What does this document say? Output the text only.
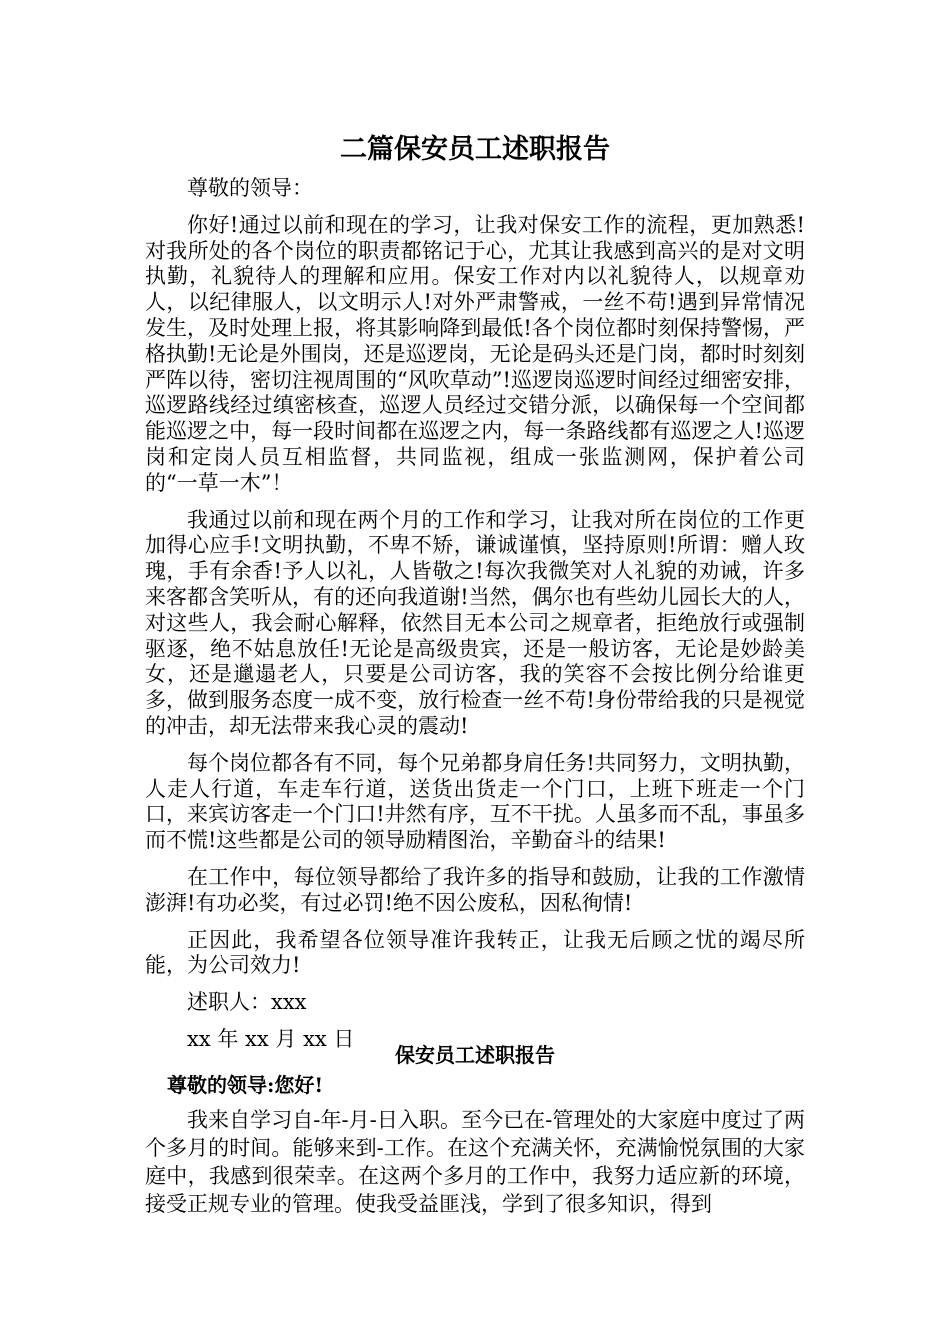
二篇保安员工述职报告
尊敬的领导：

你好!通过以前和现在的学习，让我对保安工作的流程，更加熟悉!对我所处的各个岗位的职责都铭记于心，尤其让我感到高兴的是对文明执勤，礼貌待人的理解和应用。保安工作对内以礼貌待人，以规章劝人，以纪律服人，以文明示人!对外严肃警戒，一丝不苟!遇到异常情况发生，及时处理上报，将其影响降到最低!各个岗位都时刻保持警惕，严格执勤!无论是外围岗，还是巡逻岗，无论是码头还是门岗，都时时刻刻严阵以待，密切注视周围的“风吹草动”!巡逻岗巡逻时间经过细密安排，巡逻路线经过缜密核查，巡逻人员经过交错分派，以确保每一个空间都能巡逻之中，每一段时间都在巡逻之内，每一条路线都有巡逻之人!巡逻岗和定岗人员互相监督，共同监视，组成一张监测网，保护着公司的“一草一木”！

我通过以前和现在两个月的工作和学习，让我对所在岗位的工作更加得心应手!文明执勤，不卑不矫，谦诚谨慎，坚持原则!所谓：赠人玫瑰，手有余香!予人以礼，人皆敬之!每次我微笑对人礼貌的劝诫，许多来客都含笑听从，有的还向我道谢!当然，偶尔也有些幼儿园长大的人，对这些人，我会耐心解释，依然目无本公司之规章者，拒绝放行或强制驱逐，绝不姑息放任!无论是高级贵宾，还是一般访客，无论是妙龄美女，还是邋遢老人，只要是公司访客，我的笑容不会按比例分给谁更多，做到服务态度一成不变，放行检查一丝不苟!身份带给我的只是视觉的冲击，却无法带来我心灵的震动!

每个岗位都各有不同，每个兄弟都身肩任务!共同努力，文明执勤，人走人行道，车走车行道，送货出货走一个门口，上班下班走一个门口，来宾访客走一个门口!井然有序，互不干扰。人虽多而不乱，事虽多而不慌!这些都是公司的领导励精图治，辛勤奋斗的结果!

在工作中，每位领导都给了我许多的指导和鼓励，让我的工作激情澎湃!有功必奖，有过必罚!绝不因公废私，因私徇情!

正因此，我希望各位领导准许我转正，让我无后顾之忧的竭尽所能，为公司效力!

述职人：xxx
xx 年 xx 月 xx 日
保安员工述职报告
尊敬的领导:您好!

我来自学习自-年-月-日入职。至今已在-管理处的大家庭中度过了两个多月的时间。能够来到-工作。在这个充满关怀，充满愉悦氛围的大家庭中，我感到很荣幸。在这两个多月的工作中，我努力适应新的环境，接受正规专业的管理。使我受益匪浅，学到了很多知识，得到
